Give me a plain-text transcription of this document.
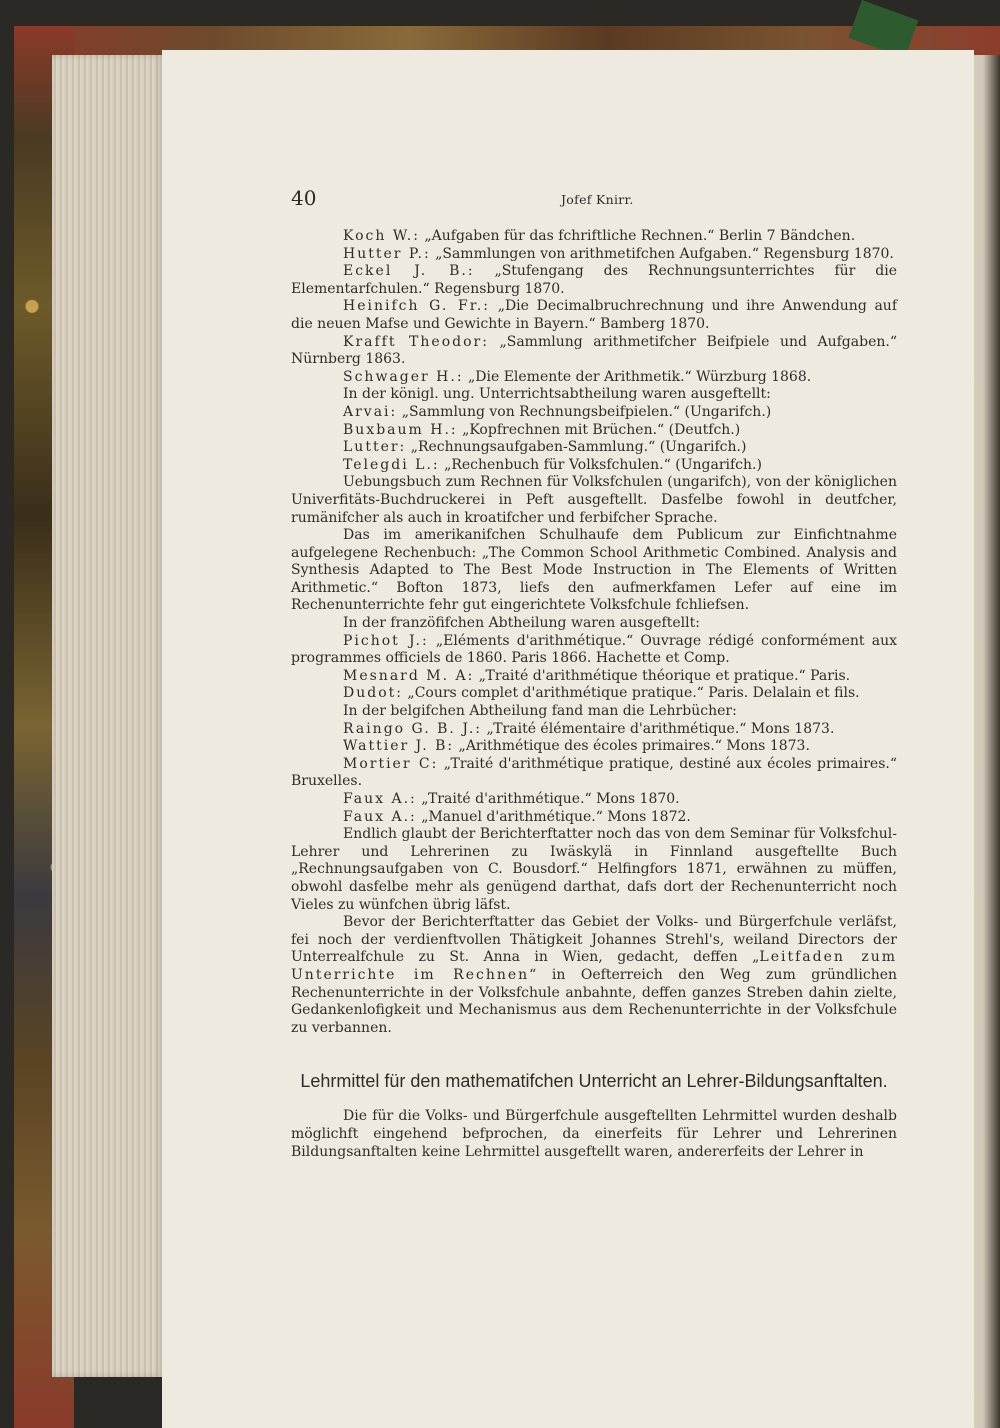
40	Jofef Knirr.

Koch W.: „Aufgaben für das fchriftliche Rechnen.“ Berlin 7 Bändchen.

Hutter P.: „Sammlungen von arithmetifchen Aufgaben.“ Regensburg 1870.

Eckel J. B.: „Stufengang des Rechnungsunterrichtes für die Elementarfchulen.“ Regensburg 1870.

Heinifch G. Fr.: „Die Decimalbruchrechnung und ihre Anwendung auf die neuen Mafse und Gewichte in Bayern.“ Bamberg 1870.

Krafft Theodor: „Sammlung arithmetifcher Beifpiele und Aufgaben.“ Nürnberg 1863.

Schwager H.: „Die Elemente der Arithmetik.“ Würzburg 1868.

In der königl. ung. Unterrichtsabtheilung waren ausgeftellt:

Arvai: „Sammlung von Rechnungsbeifpielen.“ (Ungarifch.)

Buxbaum H.: „Kopfrechnen mit Brüchen.“ (Deutfch.)

Lutter: „Rechnungsaufgaben-Sammlung.“ (Ungarifch.)

Telegdi L.: „Rechenbuch für Volksfchulen.“ (Ungarifch.)

Uebungsbuch zum Rechnen für Volksfchulen (ungarifch), von der königlichen Univerfitäts-Buchdruckerei in Peft ausgeftellt. Dasfelbe fowohl in deutfcher, rumänifcher als auch in kroatifcher und ferbifcher Sprache.

Das im amerikanifchen Schulhaufe dem Publicum zur Einfichtnahme aufgelegene Rechenbuch: „The Common School Arithmetic Combined. Analysis and Synthesis Adapted to The Best Mode Instruction in The Elements of Written Arithmetic.“ Bofton 1873, liefs den aufmerkfamen Lefer auf eine im Rechenunterrichte fehr gut eingerichtete Volksfchule fchliefsen.

In der franzöfifchen Abtheilung waren ausgeftellt:

Pichot J.: „Eléments d'arithmétique.“ Ouvrage rédigé conformément aux programmes officiels de 1860. Paris 1866. Hachette et Comp.

Mesnard M. A: „Traité d'arithmétique théorique et pratique.“ Paris.

Dudot: „Cours complet d'arithmétique pratique.“ Paris. Delalain et fils.

In der belgifchen Abtheilung fand man die Lehrbücher:

Raingo G. B. J.: „Traité élémentaire d'arithmétique.“ Mons 1873.

Wattier J. B: „Arithmétique des écoles primaires.“ Mons 1873.

Mortier C: „Traité d'arithmétique pratique, destiné aux écoles primaires.“ Bruxelles.

Faux A.: „Traité d'arithmétique.“ Mons 1870.

Faux A.: „Manuel d'arithmétique.“ Mons 1872.

Endlich glaubt der Berichterftatter noch das von dem Seminar für Volksfchul-Lehrer und Lehrerinen zu Iwäskylä in Finnland ausgeftellte Buch „Rechnungsaufgaben von C. Bousdorf.“ Helfingfors 1871, erwähnen zu müffen, obwohl dasfelbe mehr als genügend darthat, dafs dort der Rechenunterricht noch Vieles zu wünfchen übrig läfst.

Bevor der Berichterftatter das Gebiet der Volks- und Bürgerfchule verläfst, fei noch der verdienftvollen Thätigkeit Johannes Strehl's, weiland Directors der Unterrealfchule zu St. Anna in Wien, gedacht, deffen „Leitfaden zum Unterrichte im Rechnen“ in Oefterreich den Weg zum gründlichen Rechenunterrichte in der Volksfchule anbahnte, deffen ganzes Streben dahin zielte, Gedankenlofigkeit und Mechanismus aus dem Rechenunterrichte in der Volksfchule zu verbannen.

Lehrmittel für den mathematifchen Unterricht an Lehrer-Bildungsanftalten.

Die für die Volks- und Bürgerfchule ausgeftellten Lehrmittel wurden deshalb möglichft eingehend befprochen, da einerfeits für Lehrer und Lehrerinen Bildungsanftalten keine Lehrmittel ausgeftellt waren, andererfeits der Lehrer in
